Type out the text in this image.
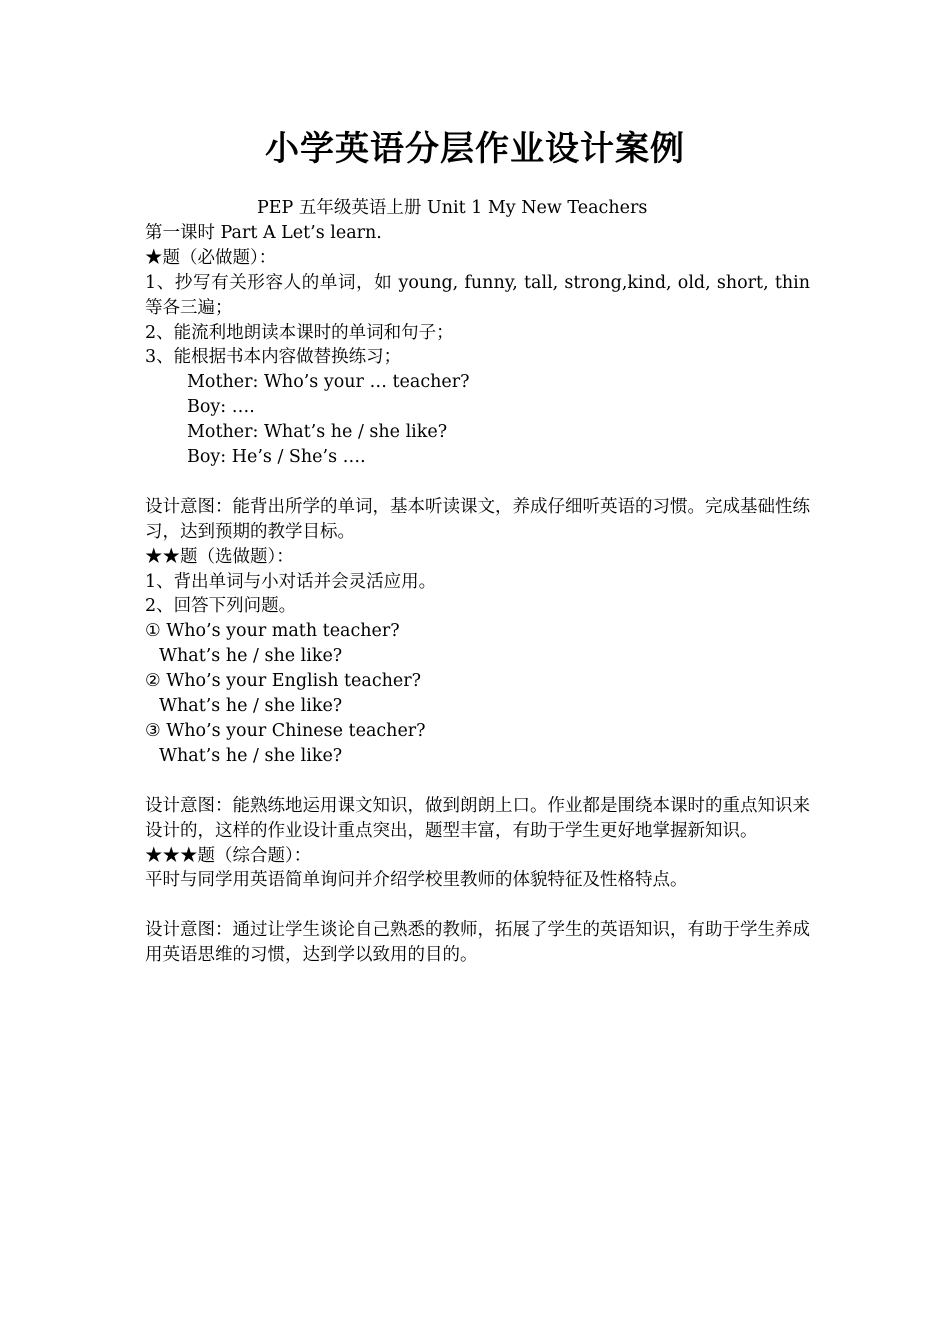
小学英语分层作业设计案例

PEP 五年级英语上册 Unit 1 My New Teachers

第一课时 Part A Let’s learn.

★题（必做题）：

1、抄写有关形容人的单词，如 young, funny, tall, strong,kind, old, short, thin 等各三遍；

2、能流利地朗读本课时的单词和句子；

3、能根据书本内容做替换练习；

Mother: Who’s your … teacher?

Boy: ….

Mother: What’s he / she like?

Boy: He’s / She’s ….

设计意图：能背出所学的单词，基本听读课文，养成仔细听英语的习惯。完成基础性练习，达到预期的教学目标。

★★题（选做题）：

1、背出单词与小对话并会灵活应用。

2、回答下列问题。

① Who’s your math teacher?

What’s he / she like?

② Who’s your English teacher?

What’s he / she like?

③ Who’s your Chinese teacher?

What’s he / she like?

设计意图：能熟练地运用课文知识，做到朗朗上口。作业都是围绕本课时的重点知识来设计的，这样的作业设计重点突出，题型丰富，有助于学生更好地掌握新知识。

★★★题（综合题）：

平时与同学用英语简单询问并介绍学校里教师的体貌特征及性格特点。

设计意图：通过让学生谈论自己熟悉的教师，拓展了学生的英语知识，有助于学生养成用英语思维的习惯，达到学以致用的目的。
